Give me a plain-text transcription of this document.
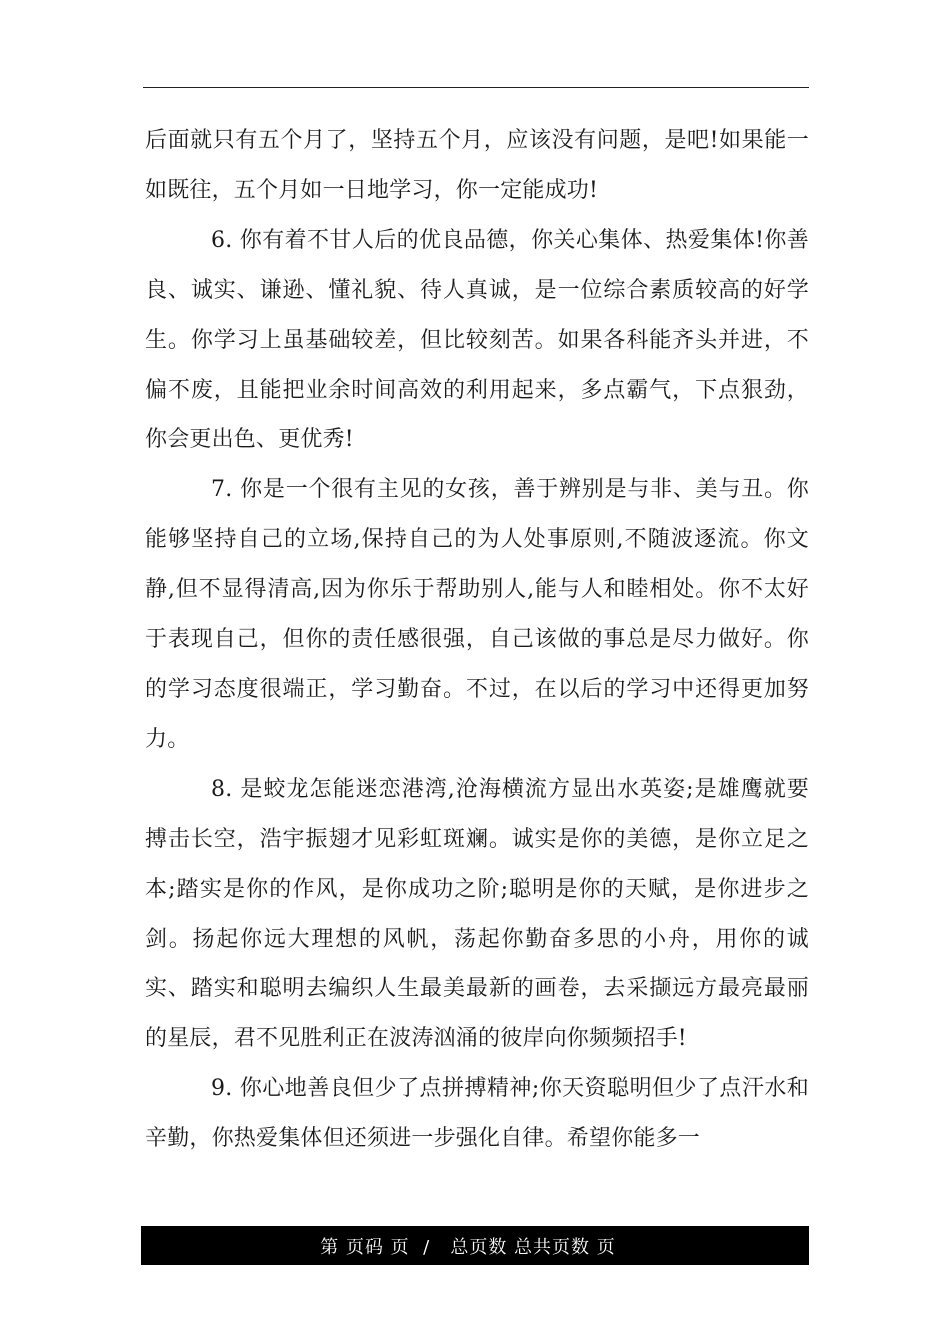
后面就只有五个月了，坚持五个月，应该没有问题，是吧!如果能一如既往，五个月如一日地学习，你一定能成功!

6. 你有着不甘人后的优良品德，你关心集体、热爱集体!你善良、诚实、谦逊、懂礼貌、待人真诚，是一位综合素质较高的好学生。你学习上虽基础较差，但比较刻苦。如果各科能齐头并进，不偏不废，且能把业余时间高效的利用起来，多点霸气，下点狠劲，你会更出色、更优秀!

7. 你是一个很有主见的女孩，善于辨别是与非、美与丑。你能够坚持自己的立场,保持自己的为人处事原则,不随波逐流。你文静,但不显得清高,因为你乐于帮助别人,能与人和睦相处。你不太好于表现自己，但你的责任感很强，自己该做的事总是尽力做好。你的学习态度很端正，学习勤奋。不过，在以后的学习中还得更加努力。

8. 是蛟龙怎能迷恋港湾,沧海横流方显出水英姿;是雄鹰就要搏击长空，浩宇振翅才见彩虹斑斓。诚实是你的美德，是你立足之本;踏实是你的作风，是你成功之阶;聪明是你的天赋，是你进步之剑。扬起你远大理想的风帆，荡起你勤奋多思的小舟，用你的诚实、踏实和聪明去编织人生最美最新的画卷，去采撷远方最亮最丽的星辰，君不见胜利正在波涛汹涌的彼岸向你频频招手!

9. 你心地善良但少了点拼搏精神;你天资聪明但少了点汗水和辛勤，你热爱集体但还须进一步强化自律。希望你能多一

第 页码 页  /   总页数 总共页数 页
